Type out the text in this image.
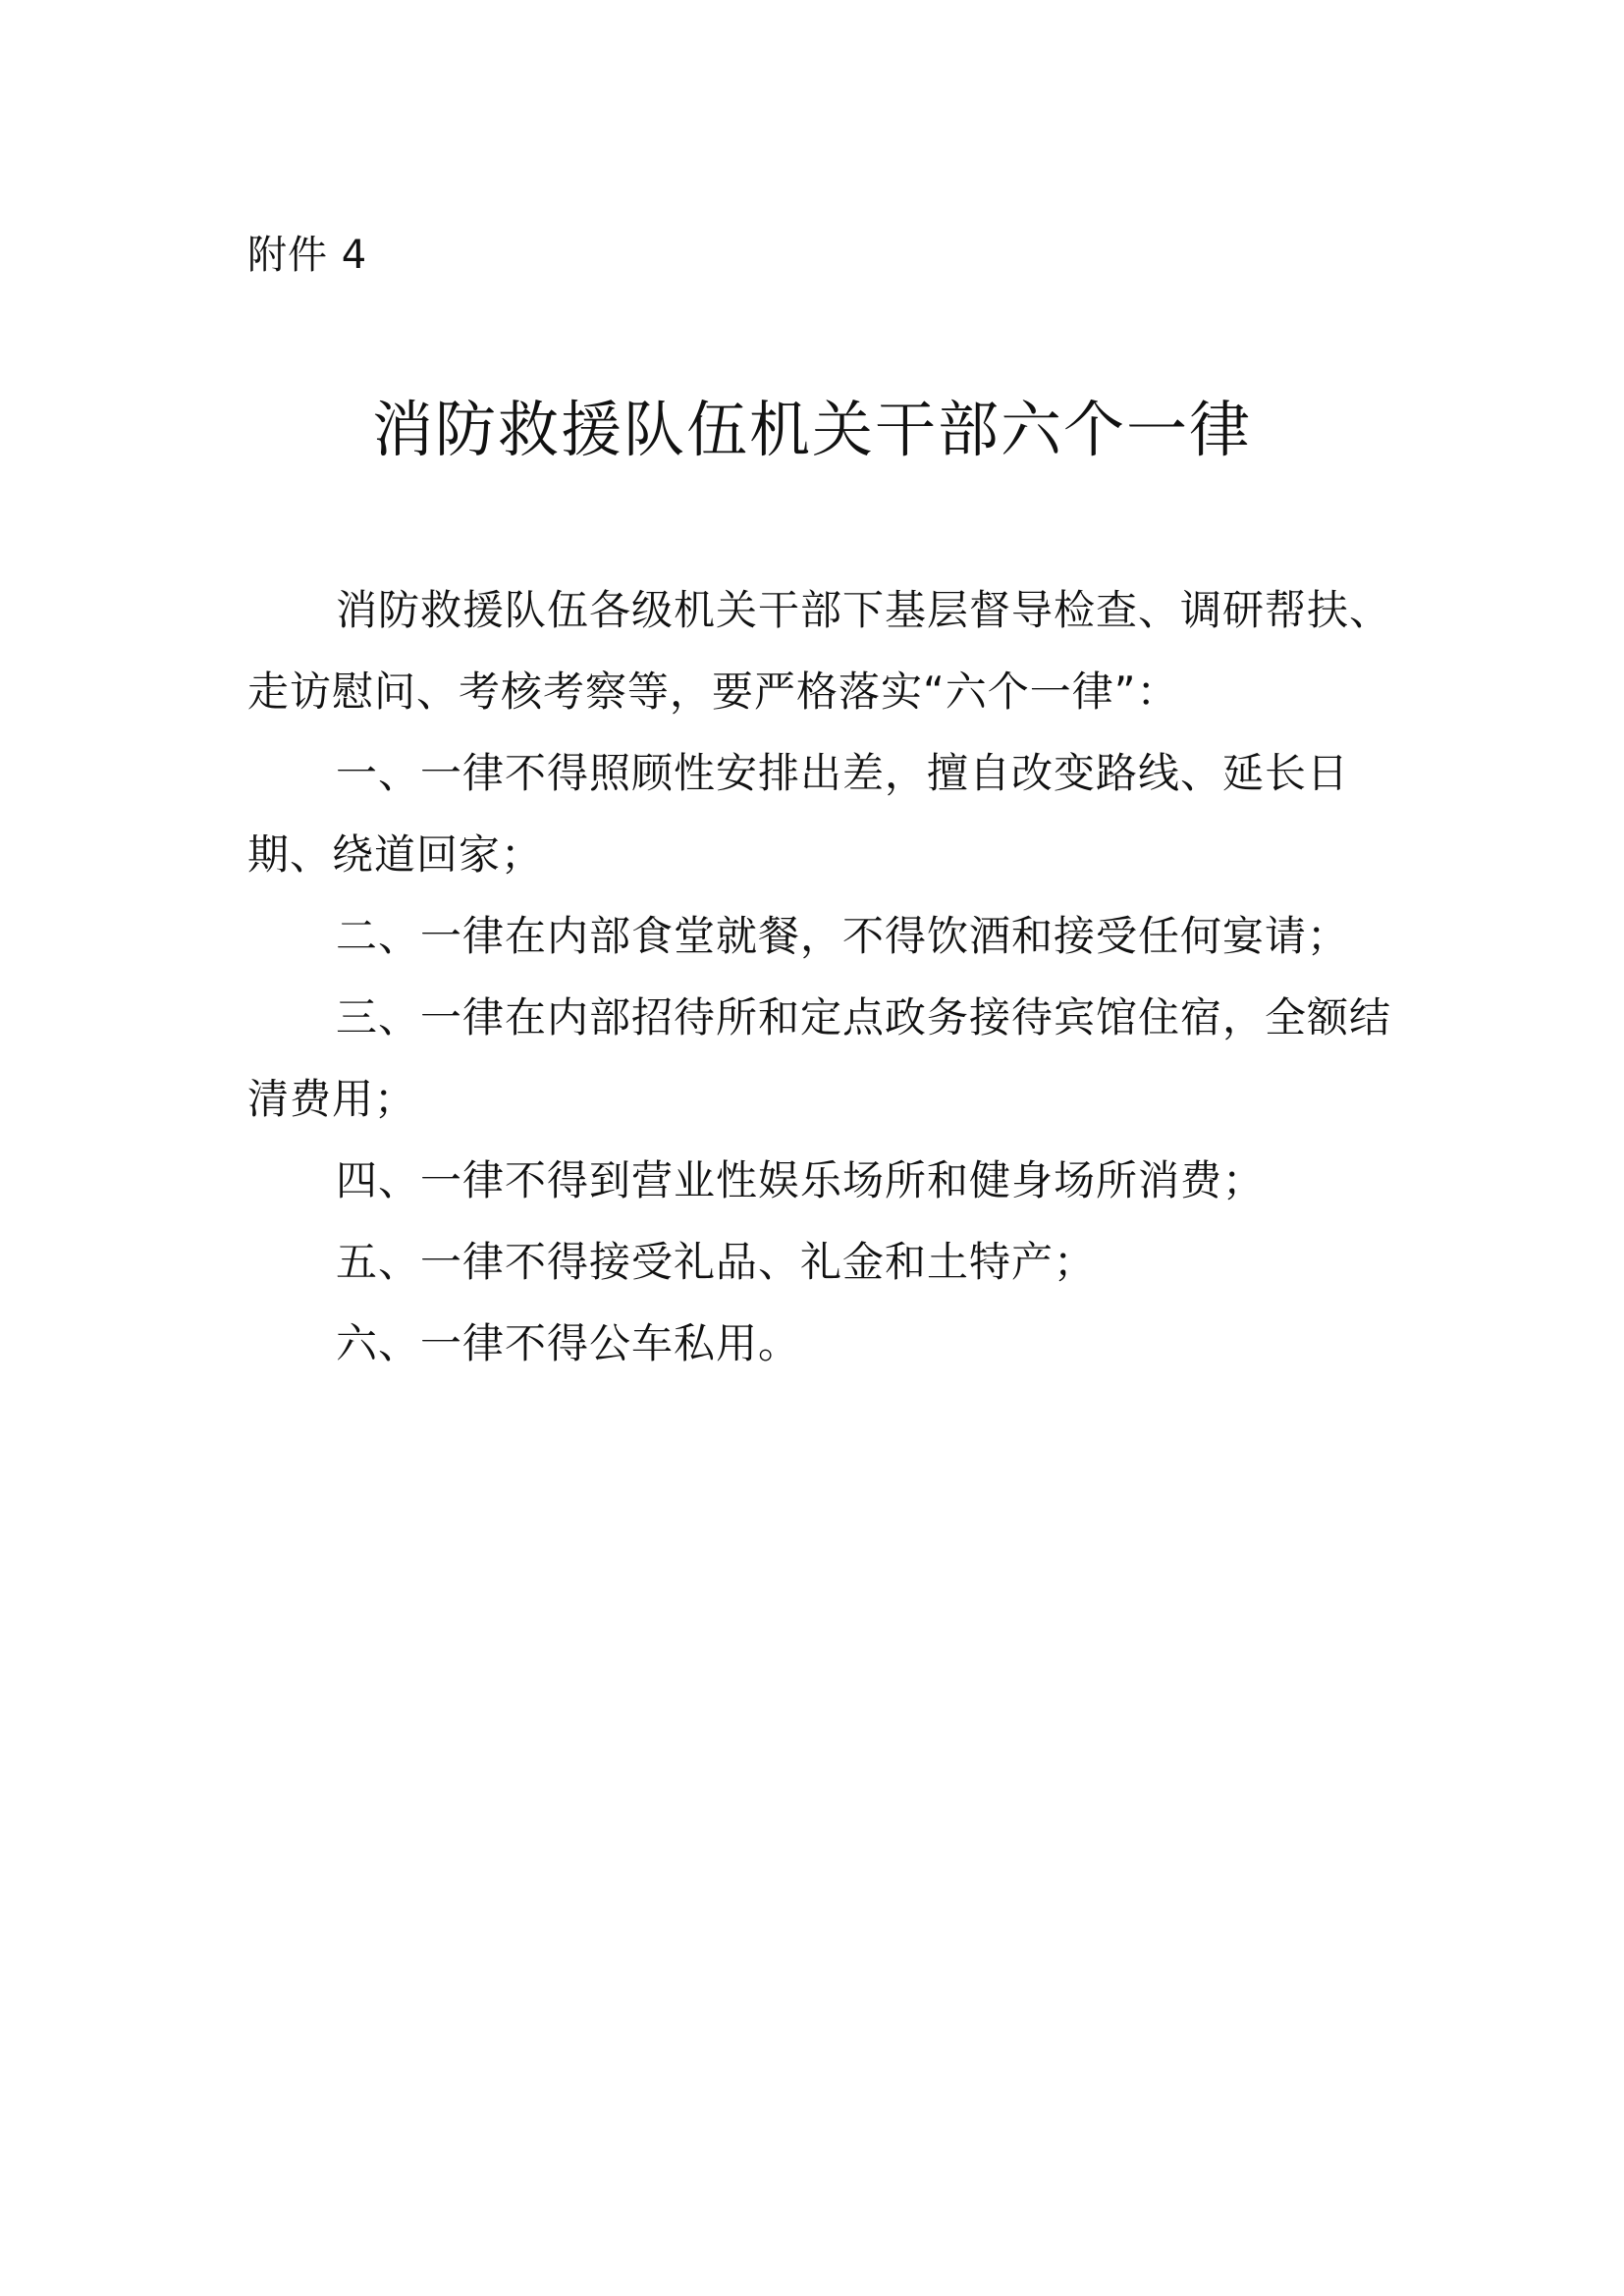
附件 4
消防救援队伍机关干部六个一律

消防救援队伍各级机关干部下基层督导检查、调研帮扶、走访慰问、考核考察等，要严格落实“六个一律”：

一、一律不得照顾性安排出差，擅自改变路线、延长日期、绕道回家；

二、一律在内部食堂就餐，不得饮酒和接受任何宴请；

三、一律在内部招待所和定点政务接待宾馆住宿，全额结清费用；

四、一律不得到营业性娱乐场所和健身场所消费；

五、一律不得接受礼品、礼金和土特产；

六、一律不得公车私用。
